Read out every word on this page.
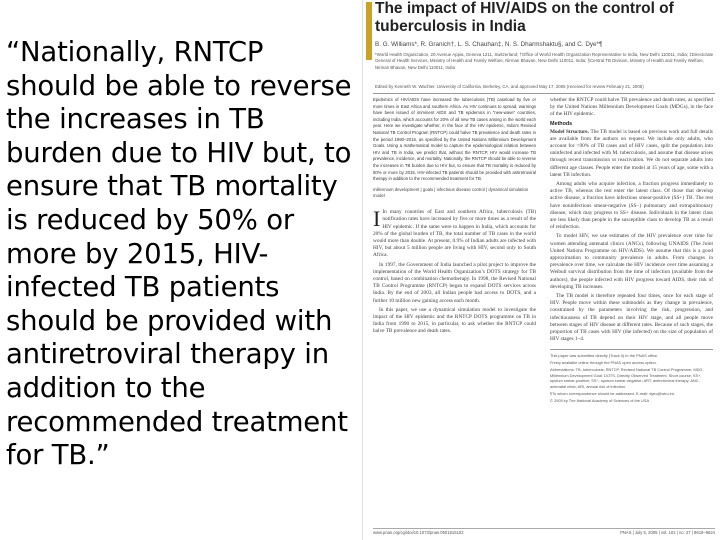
“Nationally, RNTCP should be able to reverse the increases in TB burden due to HIV but, to ensure that TB mortality is reduced by 50% or more by 2015, HIV-infected TB patients should be provided with antiretroviral therapy in addition to the recommended treatment for TB.”

The impact of HIV/AIDS on the control of tuberculosis in India
B. G. Williams*, R. Granich†, L. S. Chauhan‡, N. S. Dharmshaktu§, and C. Dye*¶
*World Health Organization, 20 Avenue Appia, Geneva 1211, Switzerland; †Office of World Health Organization Representative to India, New Delhi 110011, India; ‡Directorate General of Health Services, Ministry of Health and Family Welfare, Nirman Bhavan, New Delhi 110011, India; §Central TB Division, Ministry of Health and Family Welfare, Nirman Bhavan, New Delhi 110011, India
Edited by Kenneth W. Wachter, University of California, Berkeley, CA, and approved May 17, 2005 (received for review February 21, 2005)

Epidemics of HIV/AIDS have increased the tuberculosis (TB) caseload by five or more times in East Africa and southern Africa. As HIV continues to spread, warnings have been issued of imminent AIDS and TB epidemics in “new-wave” countries, including India, which accounts for 20% of all new TB cases arising in the world each year. Here we investigate whether, in the face of the HIV epidemic, India’s Revised National TB Control Program (RNTCP) could halve TB prevalence and death rates in the period 1990–2015, as specified by the United Nations Millennium Development Goals. Using a mathematical model to capture the epidemiological relation between HIV and TB in India, we predict that, without the RNTCP, HIV would increase TB prevalence, incidence, and mortality. Nationally, the RNTCP should be able to reverse the increases in TB burden due to HIV but, to ensure that TB mortality is reduced by 50% or more by 2015, HIV-infected TB patients should be provided with antiretroviral therapy in addition to the recommended treatment for TB.

millennium development | goals | infectious disease control | dynamical simulation model

I In many countries of East and southern Africa, tuberculosis (TB) notification rates have increased by five or more times as a result of the HIV epidemic. If the same were to happen in India, which accounts for 20% of the global burden of TB, the total number of TB cases in the world would more than double. At present, 0.9% of Indian adults are infected with HIV, but about 5 million people are living with HIV, second only to South Africa.

In 1997, the Government of India launched a pilot project to improve the implementation of the World Health Organization’s DOTS strategy for TB control, based on combination chemotherapy. In 1998, the Revised National TB Control Programme (RNTCP) began to expand DOTS services across India. By the end of 2003, all Indian people had access to DOTS, and a further 10 million new gaining access each month.

In this paper, we use a dynamical simulation model to investigate the impact of the HIV epidemic and the RNTCP DOTS programme on TB in India from 1990 to 2015, in particular, to ask whether the RNTCP could halve TB prevalence and death rates.

whether the RNTCP could halve TB prevalence and death rates, as specified by the United Nations Millennium Development Goals (MDGs), in the face of the HIV epidemic.

Methods

Model Structure. The TB model is based on previous work and full details are available from the authors on request. We include only adults, who account for >90% of TB cases and of HIV cases, split the population into uninfected and infected with M. tuberculosis, and assume that disease arises through recent transmission or reactivation. We do not separate adults into different age classes. People enter the model at 15 years of age, some with a latent TB infection.

Among adults who acquire infection, a fraction progress immediately to active TB, whereas the rest enter the latent class. Of those that develop active disease, a fraction have infectious smear-positive (SS+) TB. The rest have noninfectious smear-negative (SS−) pulmonary and extrapulmonary disease, which may progress to SS+ disease. Individuals in the latent class are less likely than people in the susceptible class to develop TB as a result of reinfection.

To model HIV, we use estimates of the HIV prevalence over time for women attending antenatal clinics (ANCs), following UNAIDS (The Joint United Nations Programme on HIV/AIDS). We assume that this is a good approximation to community prevalence in adults. From changes in prevalence over time, we calculate the HIV incidence over time assuming a Weibull survival distribution from the time of infection (available from the authors), the people infected with HIV progress toward AIDS, their risk of developing TB increases.

The TB model is therefore repeated four times, once for each stage of HIV. People move within these submodels as they change in prevalence, constrained by the parameters involving the risk, progression, and infectiousness of TB depend on their HIV stage, and all people move between stages of HIV disease at different rates. Because of such stages, the proportion of TB cases with HIV (the infected) on the size of population of HIV stages 1–4.

This paper was submitted directly (Track II) to the PNAS office.

Freely available online through the PNAS open access option.

Abbreviations: TB, tuberculosis; RNTCP, Revised National TB Control Programme; MDG, Millennium Development Goal; DOTS, Directly Observed Treatment, Short course; SS+, sputum smear-positive; SS−, sputum smear-negative; ART, antiretroviral therapy; ANC, antenatal clinic; ARI, annual risk of infection.

¶To whom correspondence should be addressed. E-mail: dyec@who.int.

© 2005 by The National Academy of Sciences of the USA

www.pnas.org/cgi/doi/10.1073/pnas.0501615102	PNAS | July 5, 2005 | vol. 102 | no. 27 | 9619–9624
